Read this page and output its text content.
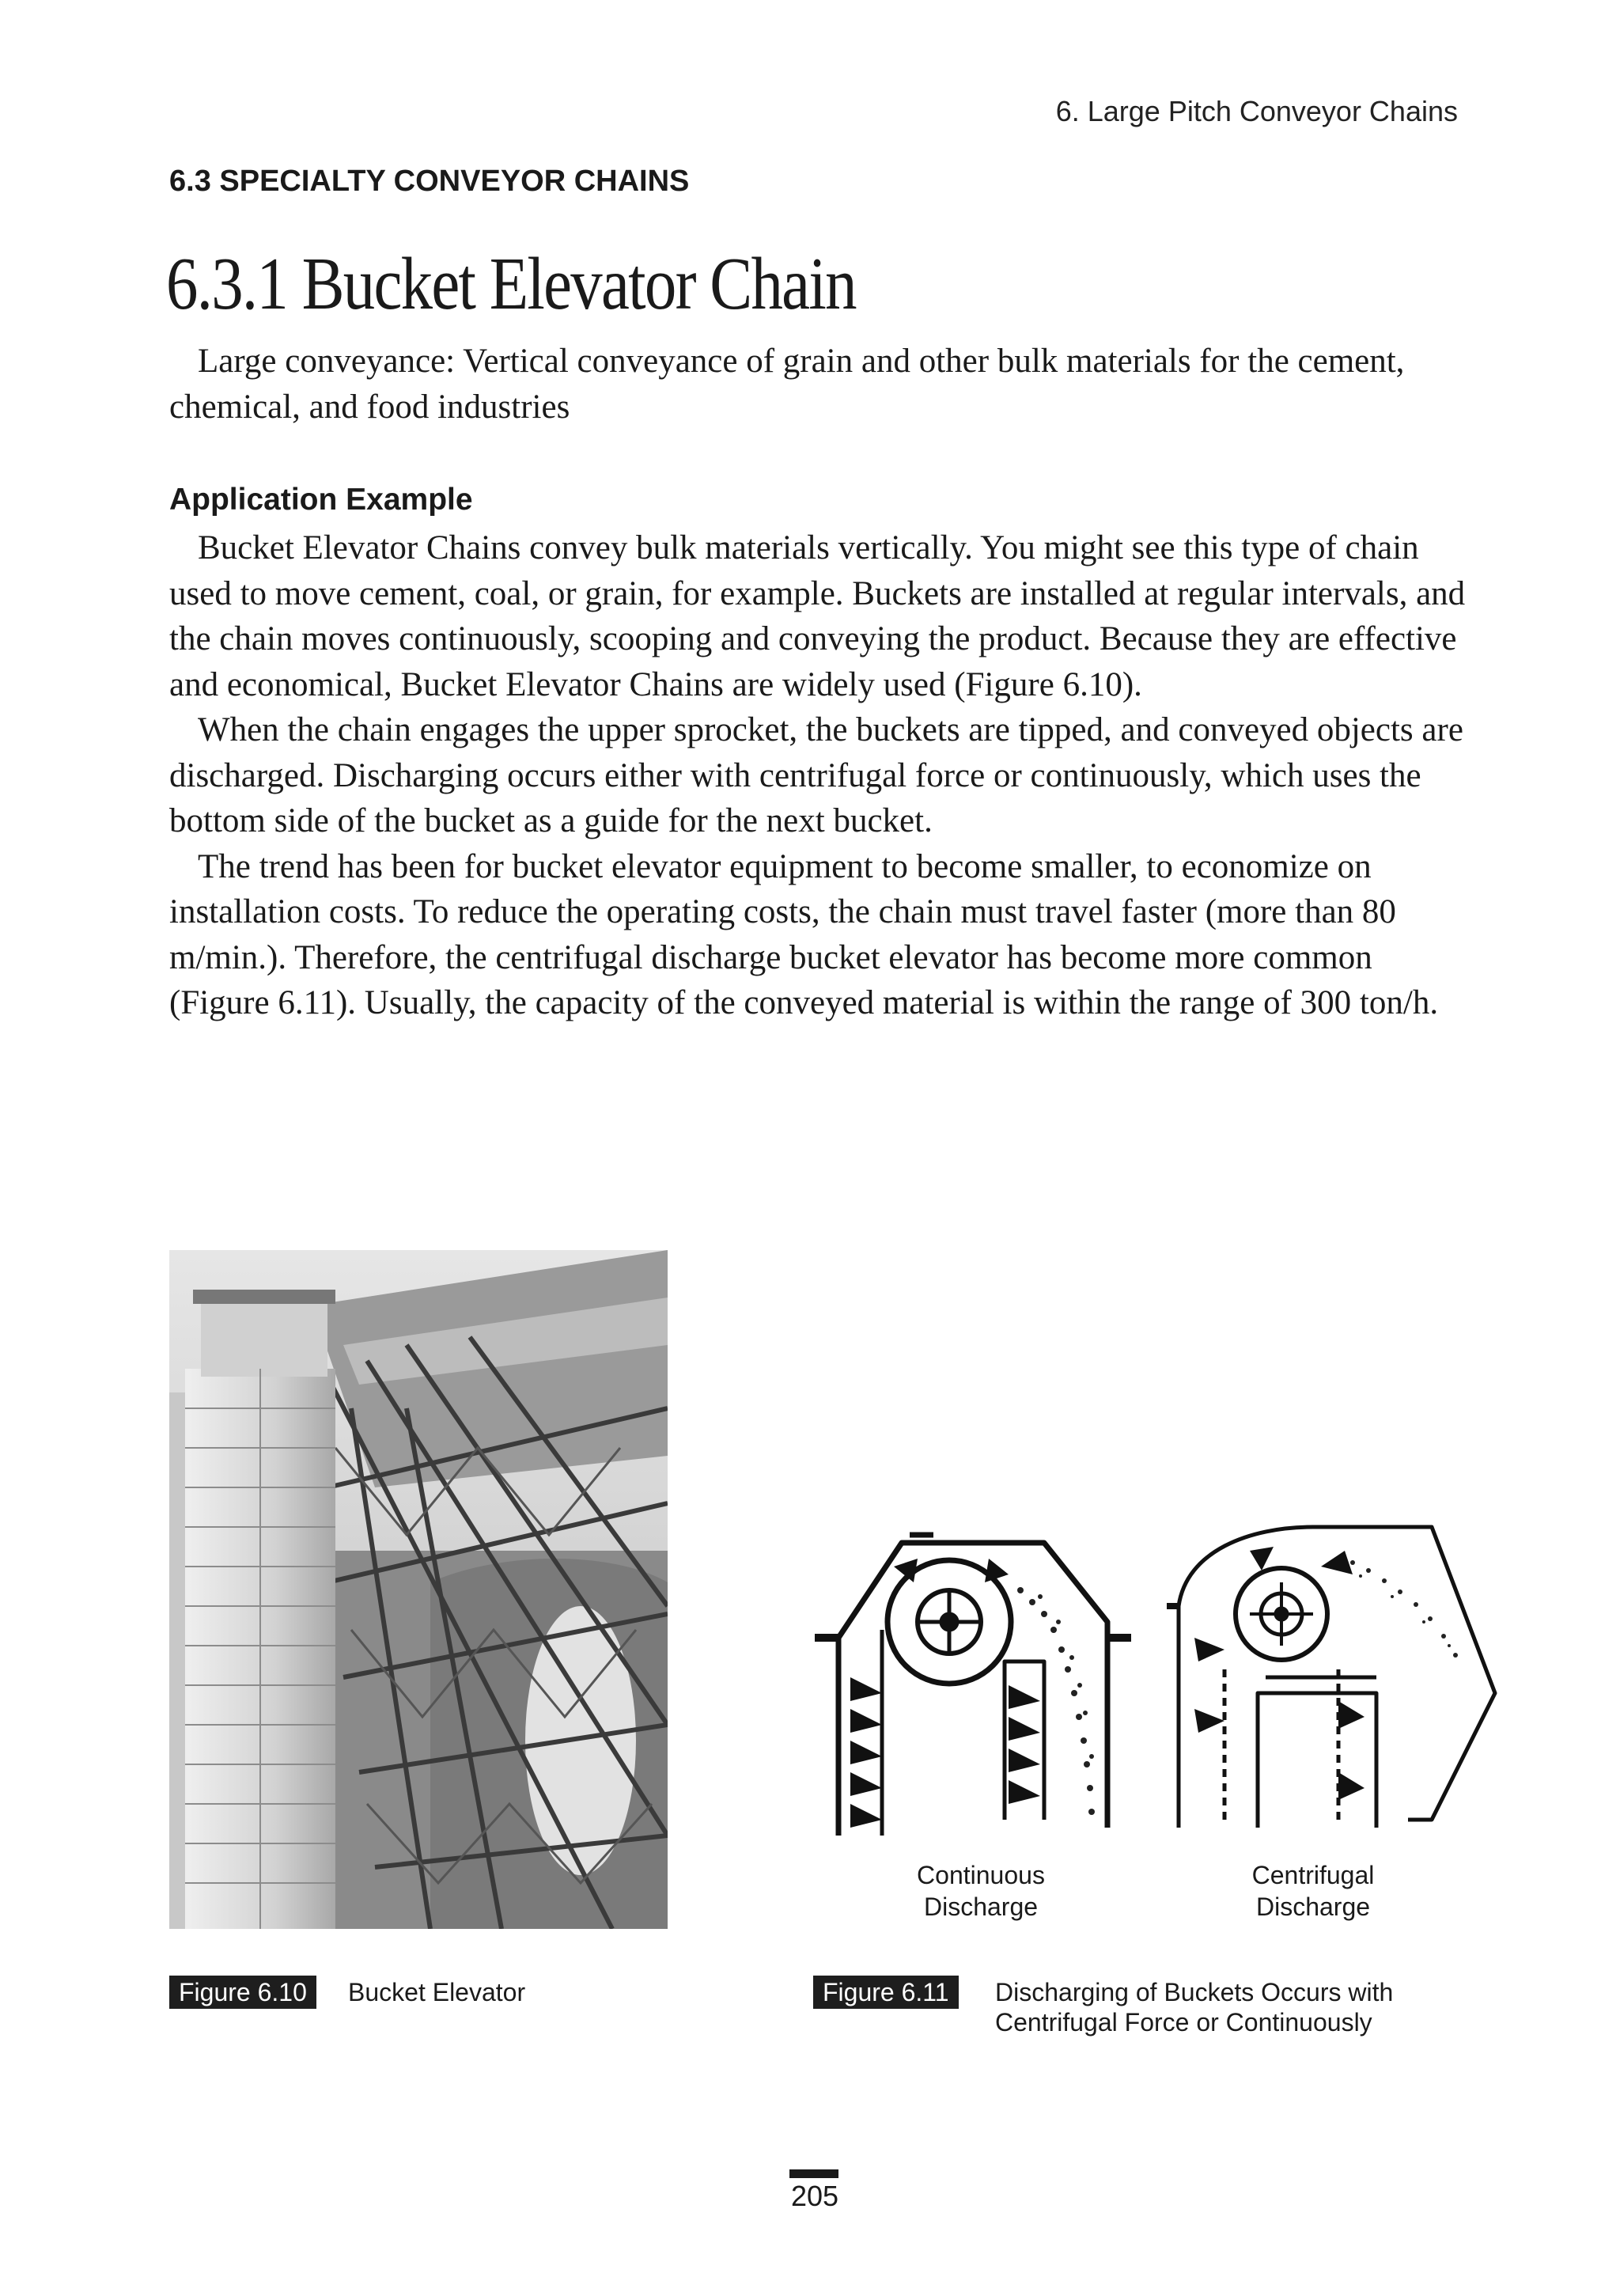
6. Large Pitch Conveyor Chains
6.3 SPECIALTY CONVEYOR CHAINS
6.3.1 Bucket Elevator Chain

Large conveyance: Vertical conveyance of grain and other bulk materials for the cement, chemical, and food industries

Application Example

Bucket Elevator Chains convey bulk materials vertically. You might see this type of chain used to move cement, coal, or grain, for example. Buckets are installed at regular intervals, and the chain moves continuously, scooping and conveying the product. Because they are effective and economical, Bucket Elevator Chains are widely used (Figure 6.10).

When the chain engages the upper sprocket, the buckets are tipped, and conveyed objects are discharged. Discharging occurs either with centrifugal force or continuously, which uses the bottom side of the bucket as a guide for the next bucket.

The trend has been for bucket elevator equipment to become smaller, to economize on installation costs. To reduce the operating costs, the chain must travel faster (more than 80 m/min.). Therefore, the centrifugal discharge bucket elevator has become more common (Figure 6.11). Usually, the capacity of the conveyed material is within the range of 300 ton/h.

Continuous
Discharge
Centrifugal
Discharge
Figure 6.10	Bucket Elevator	Figure 6.11	Discharging of Buckets Occurs with Centrifugal Force or Continuously
205
